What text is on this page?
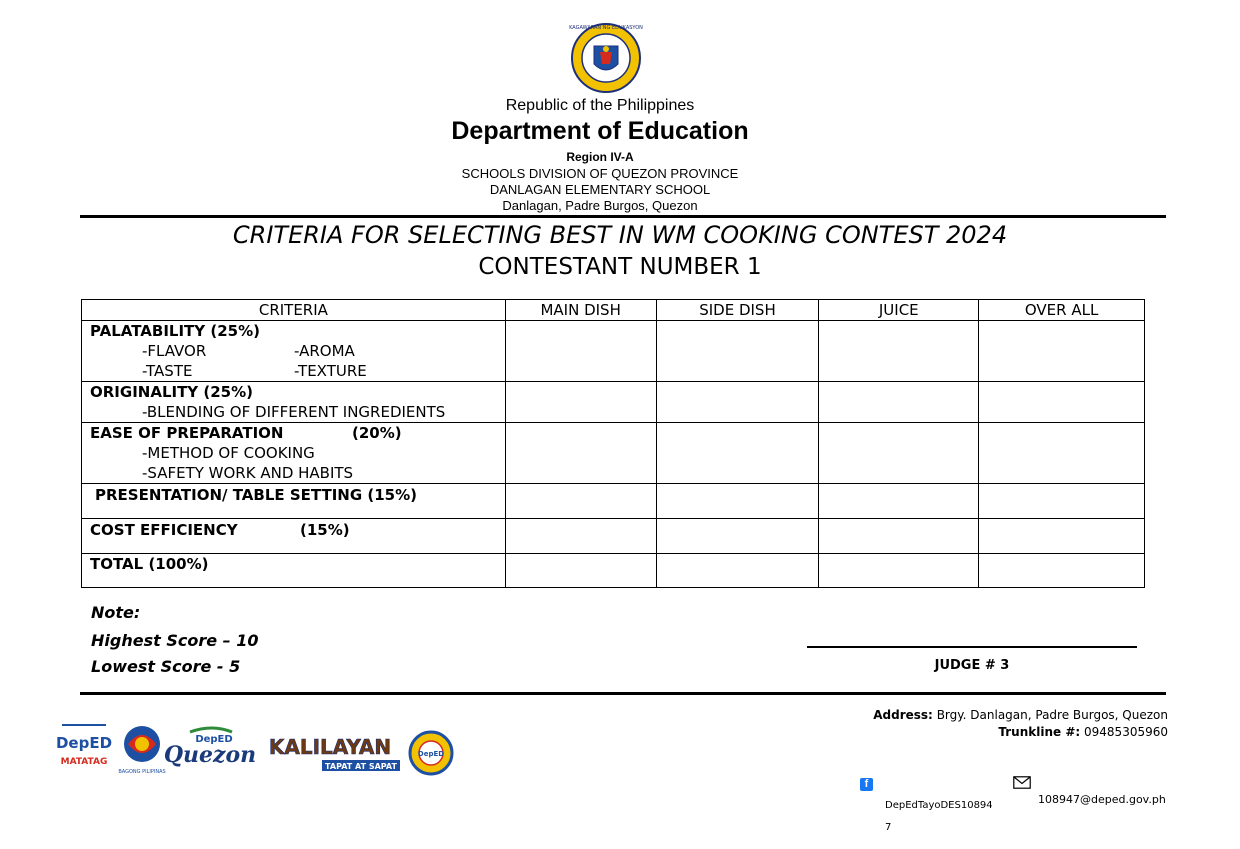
KAGAWARAN NG EDUKASYON
Republic of the Philippines
Department of Education
Region IV-A
SCHOOLS DIVISION OF QUEZON PROVINCE
DANLAGAN ELEMENTARY SCHOOL
Danlagan, Padre Burgos, Quezon
CRITERIA FOR SELECTING BEST IN WM COOKING CONTEST 2024
CONTESTANT NUMBER 1
CRITERIA	MAIN DISH	SIDE DISH	JUICE	OVER ALL

PALATABILITY (25%)
-FLAVOR -AROMA
-TASTE -TEXTURE				

ORIGINALITY (25%)
-BLENDING OF DIFFERENT INGREDIENTS				

EASE OF PREPARATION (20%)
-METHOD OF COOKING
-SAFETY WORK AND HABITS				

PRESENTATION/ TABLE SETTING (15%)				

COST EFFICIENCY (15%)				

TOTAL (100%)				

Note:
Highest Score – 10
Lowest Score - 5	JUDGE # 3
DepED
MATATAG
BAGONG PILIPINAS
DepED
Quezon KALILAYAN
TAPAT AT SAPAT
DepED
Address: Brgy. Danlagan, Padre Burgos, Quezon
Trunkline #: 09485305960
f
DepEdTayoDES108947
108947@deped.gov.ph
